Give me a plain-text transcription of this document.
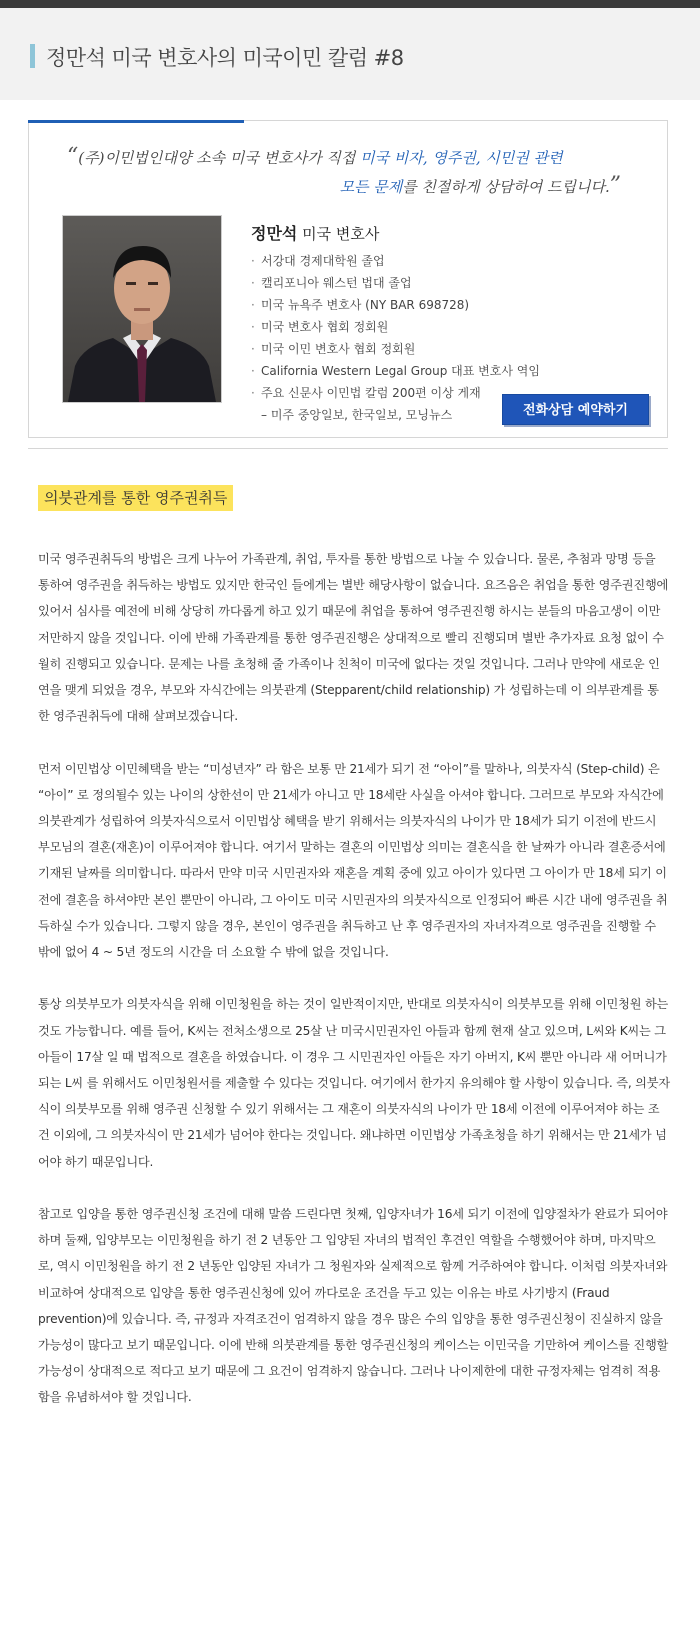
정만석 미국 변호사의 미국이민 칼럼 #8
“(주)이민법인대양 소속 미국 변호사가 직접 미국 비자, 영주권, 시민권 관련
모든 문제를 친절하게 상담하여 드립니다.”
정만석 미국 변호사
· 서강대 경제대학원 졸업
· 캘리포니아 웨스턴 법대 졸업
· 미국 뉴욕주 변호사 (NY BAR 698728)
· 미국 변호사 협회 정회원
· 미국 이민 변호사 협회 정회원
· California Western Legal Group 대표 변호사 역임
· 주요 신문사 이민법 칼럼 200편 이상 게재
– 미주 중앙일보, 한국일보, 모닝뉴스	전화상담 예약하기
의붓관계를 통한 영주권취득

미국 영주권취득의 방법은 크게 나누어 가족관계, 취업, 투자를 통한 방법으로 나눌 수 있습니다. 물론, 추첨과 망명 등을 통하여 영주권을 취득하는 방법도 있지만 한국인 들에게는 별반 해당사항이 없습니다. 요즈음은 취업을 통한 영주권진행에 있어서 심사를 예전에 비해 상당히 까다롭게 하고 있기 때문에 취업을 통하여 영주권진행 하시는 분들의 마음고생이 이만저만하지 않을 것입니다. 이에 반해 가족관계를 통한 영주권진행은 상대적으로 빨리 진행되며 별반 추가자료 요청 없이 수월히 진행되고 있습니다. 문제는 나를 초청해 줄 가족이나 친척이 미국에 없다는 것일 것입니다. 그러나 만약에 새로운 인연을 맺게 되었을 경우, 부모와 자식간에는 의붓관계 (Stepparent/child relationship) 가 성립하는데 이 의부관계를 통한 영주권취득에 대해 살펴보겠습니다.

먼저 이민법상 이민혜택을 받는 “미성년자” 라 함은 보통 만 21세가 되기 전 “아이”를 말하나, 의붓자식 (Step-child) 은 “아이” 로 정의될수 있는 나이의 상한선이 만 21세가 아니고 만 18세란 사실을 아셔야 합니다. 그러므로 부모와 자식간에 의붓관계가 성립하여 의붓자식으로서 이민법상 혜택을 받기 위해서는 의붓자식의 나이가 만 18세가 되기 이전에 반드시 부모님의 결혼(재혼)이 이루어져야 합니다. 여기서 말하는 결혼의 이민법상 의미는 결혼식을 한 날짜가 아니라 결혼증서에 기재된 날짜를 의미합니다. 따라서 만약 미국 시민권자와 재혼을 계획 중에 있고 아이가 있다면 그 아이가 만 18세 되기 이전에 결혼을 하셔야만 본인 뿐만이 아니라, 그 아이도 미국 시민권자의 의붓자식으로 인정되어 빠른 시간 내에 영주권을 취득하실 수가 있습니다. 그렇지 않을 경우, 본인이 영주권을 취득하고 난 후 영주권자의 자녀자격으로 영주권을 진행할 수 밖에 없어 4 ~ 5년 정도의 시간을 더 소요할 수 밖에 없을 것입니다.

통상 의붓부모가 의붓자식을 위해 이민청원을 하는 것이 일반적이지만, 반대로 의붓자식이 의붓부모를 위해 이민청원 하는것도 가능합니다. 예를 들어, K씨는 전처소생으로 25살 난 미국시민권자인 아들과 함께 현재 살고 있으며, L씨와 K씨는 그 아들이 17살 일 때 법적으로 결혼을 하였습니다. 이 경우 그 시민권자인 아들은 자기 아버지, K씨 뿐만 아니라 새 어머니가 되는 L씨 를 위해서도 이민청원서를 제출할 수 있다는 것입니다. 여기에서 한가지 유의해야 할 사항이 있습니다. 즉, 의붓자식이 의붓부모를 위해 영주권 신청할 수 있기 위해서는 그 재혼이 의붓자식의 나이가 만 18세 이전에 이루어져야 하는 조건 이외에, 그 의붓자식이 만 21세가 넘어야 한다는 것입니다. 왜냐하면 이민법상 가족초청을 하기 위해서는 만 21세가 넘어야 하기 때문입니다.

참고로 입양을 통한 영주권신청 조건에 대해 말씀 드린다면 첫째, 입양자녀가 16세 되기 이전에 입양절차가 완료가 되어야 하며 둘째, 입양부모는 이민청원을 하기 전 2 년동안 그 입양된 자녀의 법적인 후견인 역할을 수행했어야 하며, 마지막으로, 역시 이민청원을 하기 전 2 년동안 입양된 자녀가 그 청원자와 실제적으로 함께 거주하여야 합니다. 이처럼 의붓자녀와 비교하여 상대적으로 입양을 통한 영주권신청에 있어 까다로운 조건을 두고 있는 이유는 바로 사기방지 (Fraud prevention)에 있습니다. 즉, 규정과 자격조건이 엄격하지 않을 경우 많은 수의 입양을 통한 영주권신청이 진실하지 않을 가능성이 많다고 보기 때문입니다. 이에 반해 의붓관계를 통한 영주권신청의 케이스는 이민국을 기만하여 케이스를 진행할 가능성이 상대적으로 적다고 보기 때문에 그 요건이 엄격하지 않습니다. 그러나 나이제한에 대한 규정자체는 엄격히 적용함을 유념하셔야 할 것입니다.
